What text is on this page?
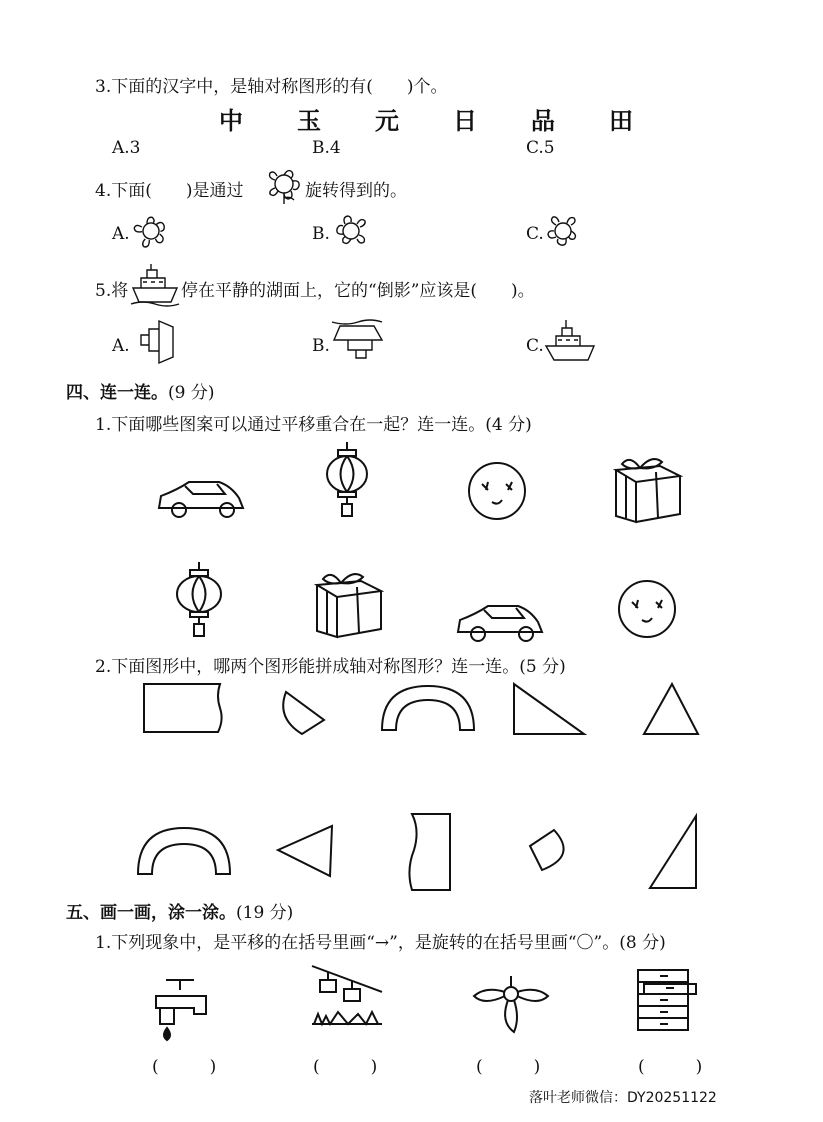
3.下面的汉字中，是轴对称图形的有(　　)个。
中 玉 元 日 品 田
A.3	B.4	C.5
4.下面(　　)是通过	旋转得到的。
A.	B.	C.
5.将	停在平静的湖面上，它的“倒影”应该是(　　)。
A.	B.	C.
四、连一连。(9 分)
1.下面哪些图案可以通过平移重合在一起？连一连。(4 分)
2.下面图形中，哪两个图形能拼成轴对称图形？连一连。(5 分)
五、画一画，涂一涂。(19 分)
1.下列现象中，是平移的在括号里画“→”，是旋转的在括号里画“〇”。(8 分)
(　　　)	(　　　)	(　　　)	(　　　)
落叶老师微信：DY20251122
